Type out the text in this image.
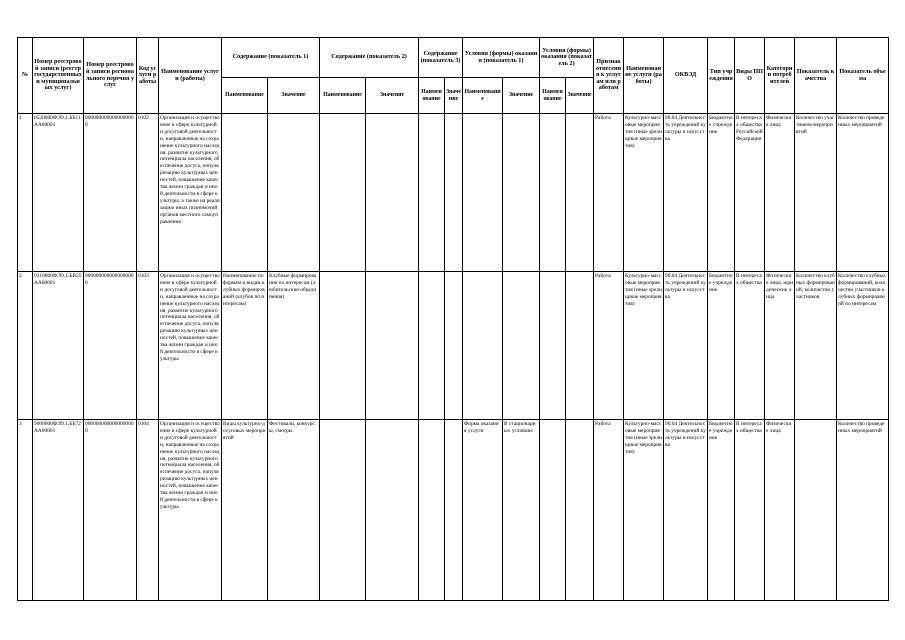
№	Номер реестровой записи (реестр государственных и муниципальных услуг)	Номер реестровой записи регионального перечня услуг	Код услуги работы	Наименование услуги (работы)	Содержание (показатель 1)		Содержание (показатель 2)		Содержание (показатель 3)		Условия (формы) оказания (показатель 1)		Условия (формы) оказания (показатель 2)		Признак отнесения к услугам или работам	Наименование услуги (работы)	ОКВЭД	Тип учреждения	Виды ППО	Категории потребителей	Показатель качества	Показатель объема
					Наименование	Значение	Наименование	Значение	Наименование	Значение	Наименование	Значение	Наименование	Значение								
1	8520000Ф.99.1.ББ11АА00001	0000000000000000000	0102	Организация и осуществление в сфере культурной и досуговой деятельности, направленные на сохранение культурного наследия, развитие культурного потенциала населения, обеспечение досуга, популяризацию культурных ценностей, повышение качества жизни граждан и иной деятельности в сфере культуры, а также на реализацию иных полномочий органов местного самоуправления											Работа	Культурно-массовые мероприятия (иные зрелищные мероприятия)	90.04 Деятельность учреждений культуры и искусства	Бюджетное учреждение	В интересах общества Российской Федерации	Физические лица	Количество участников мероприятий	Количество проведенных мероприятий
2	9310000Ф.99.1.БВ25АА00001	0000000000000000000	0103	Организация и осуществление в сфере культурной и досуговой деятельности, направленные на сохранение культурного наследия, развитие культурного потенциала населения, обеспечение досуга, популяризацию культурных ценностей, повышение качества жизни граждан и иной деятельности в сфере культуры	Наименование по формам и видам клубных формирований (клубов по интересам)	Клубные формирования по интересам (любительские объединения)									Работа	Культурно-массовые мероприятия (иные зрелищные мероприятия)	90.04 Деятельность учреждений культуры и искусства	Бюджетное учреждение	В интересах общества	Физические лица, юридические лица	Количество клубных формирований, количество участников	Количество клубных формирований, количество участников клубных формирований по интересам
3	9000000Ф.99.1.ББ72АА00001	0000000000000000000	0104	Организация и осуществление в сфере культурной и досуговой деятельности, направленные на сохранение культурного наследия, развитие культурного потенциала населения, обеспечение досуга, популяризацию культурных ценностей, повышение качества жизни граждан и иной деятельности в сфере культуры	Виды культурно-досуговых мероприятий	Фестивали, конкурсы, смотры					Форма оказания услуги	В стационарных условиях			Работа	Культурно-массовые мероприятия (иные зрелищные мероприятия)	90.04 Деятельность учреждений культуры и искусства	Бюджетное учреждение	В интересах общества	Физические лица		Количество проведенных мероприятий
